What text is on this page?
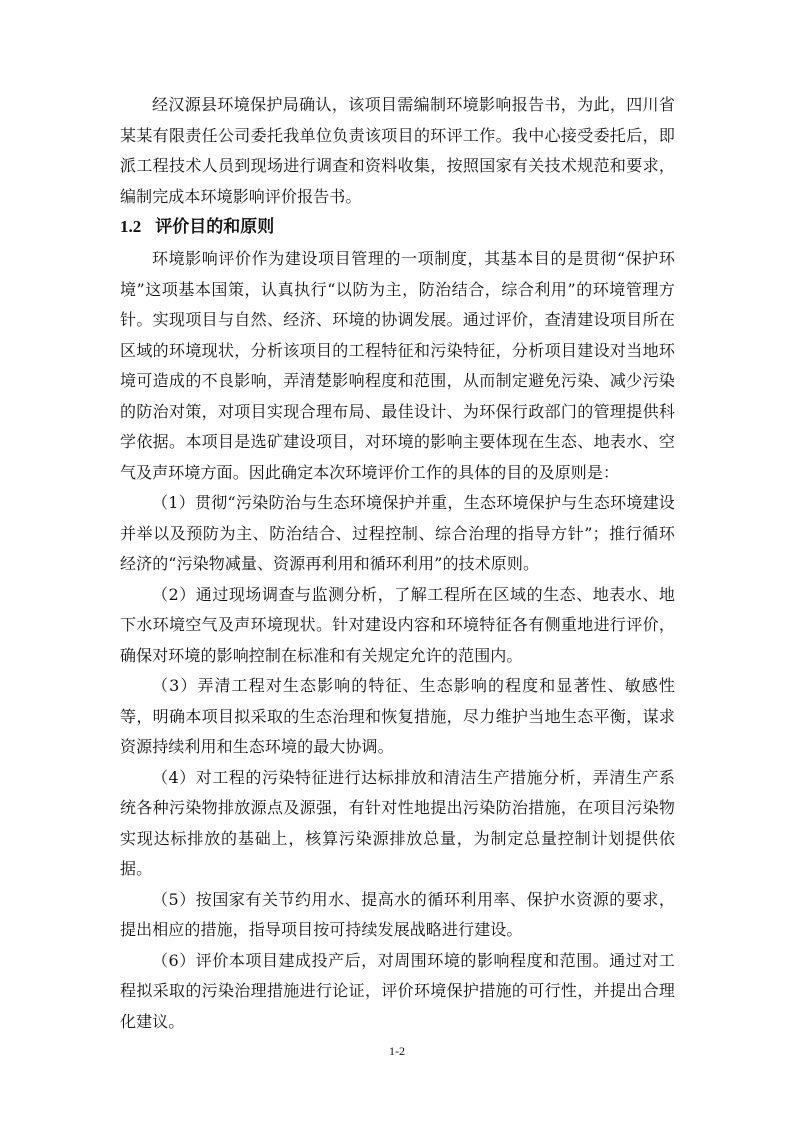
经汉源县环境保护局确认，该项目需编制环境影响报告书，为此，四川省某某有限责任公司委托我单位负责该项目的环评工作。我中心接受委托后，即派工程技术人员到现场进行调查和资料收集，按照国家有关技术规范和要求，编制完成本环境影响评价报告书。

1.2 评价目的和原则

环境影响评价作为建设项目管理的一项制度，其基本目的是贯彻“保护环境”这项基本国策，认真执行“以防为主，防治结合，综合利用”的环境管理方针。实现项目与自然、经济、环境的协调发展。通过评价，查清建设项目所在区域的环境现状，分析该项目的工程特征和污染特征，分析项目建设对当地环境可造成的不良影响，弄清楚影响程度和范围，从而制定避免污染、减少污染的防治对策，对项目实现合理布局、最佳设计、为环保行政部门的管理提供科学依据。本项目是选矿建设项目，对环境的影响主要体现在生态、地表水、空气及声环境方面。因此确定本次环境评价工作的具体的目的及原则是：

（1）贯彻“污染防治与生态环境保护并重，生态环境保护与生态环境建设并举以及预防为主、防治结合、过程控制、综合治理的指导方针”；推行循环经济的“污染物减量、资源再利用和循环利用”的技术原则。

（2）通过现场调查与监测分析，了解工程所在区域的生态、地表水、地下水环境空气及声环境现状。针对建设内容和环境特征各有侧重地进行评价，确保对环境的影响控制在标准和有关规定允许的范围内。

（3）弄清工程对生态影响的特征、生态影响的程度和显著性、敏感性等，明确本项目拟采取的生态治理和恢复措施，尽力维护当地生态平衡，谋求资源持续利用和生态环境的最大协调。

（4）对工程的污染特征进行达标排放和清洁生产措施分析，弄清生产系统各种污染物排放源点及源强，有针对性地提出污染防治措施，在项目污染物实现达标排放的基础上，核算污染源排放总量，为制定总量控制计划提供依据。

（5）按国家有关节约用水、提高水的循环利用率、保护水资源的要求，提出相应的措施，指导项目按可持续发展战略进行建设。

（6）评价本项目建成投产后，对周围环境的影响程度和范围。通过对工程拟采取的污染治理措施进行论证，评价环境保护措施的可行性，并提出合理化建议。

1-2
